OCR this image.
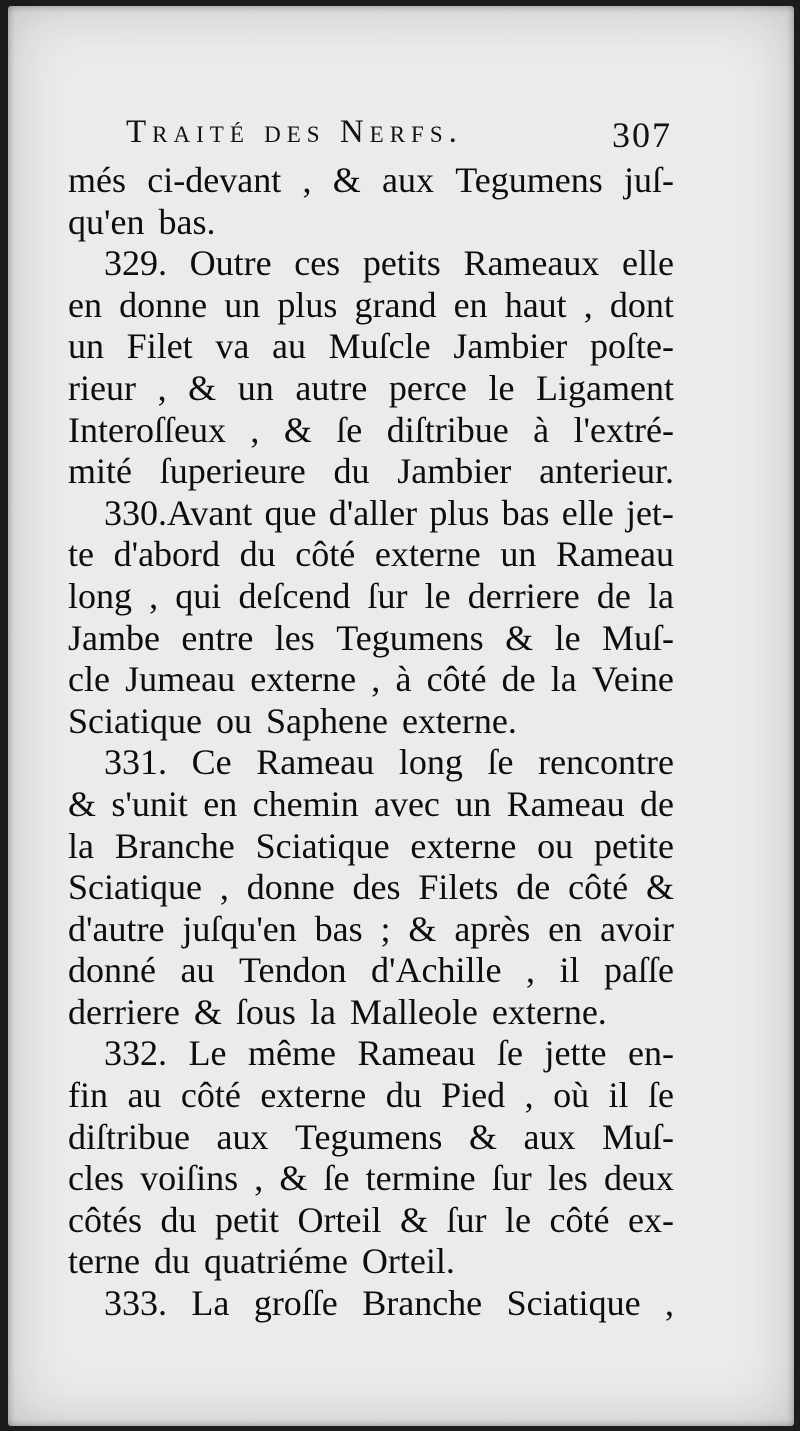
Traité des Nerfs.	307
més ci-devant , & aux Tegumens juſ-
qu'en bas.
329. Outre ces petits Rameaux elle
en donne un plus grand en haut , dont
un Filet va au Muſcle Jambier poſte-
rieur , & un autre perce le Ligament
Interoſſeux , & ſe diſtribue à l'extré-
mité ſuperieure du Jambier anterieur.
330.Avant que d'aller plus bas elle jet-
te d'abord du côté externe un Rameau
long , qui deſcend ſur le derriere de la
Jambe entre les Tegumens & le Muſ-
cle Jumeau externe , à côté de la Veine
Sciatique ou Saphene externe.
331. Ce Rameau long ſe rencontre
& s'unit en chemin avec un Rameau de
la Branche Sciatique externe ou petite
Sciatique , donne des Filets de côté &
d'autre juſqu'en bas ; & après en avoir
donné au Tendon d'Achille , il paſſe
derriere & ſous la Malleole externe.
332. Le même Rameau ſe jette en-
fin au côté externe du Pied , où il ſe
diſtribue aux Tegumens & aux Muſ-
cles voiſins , & ſe termine ſur les deux
côtés du petit Orteil & ſur le côté ex-
terne du quatriéme Orteil.
333. La groſſe Branche Sciatique ,
